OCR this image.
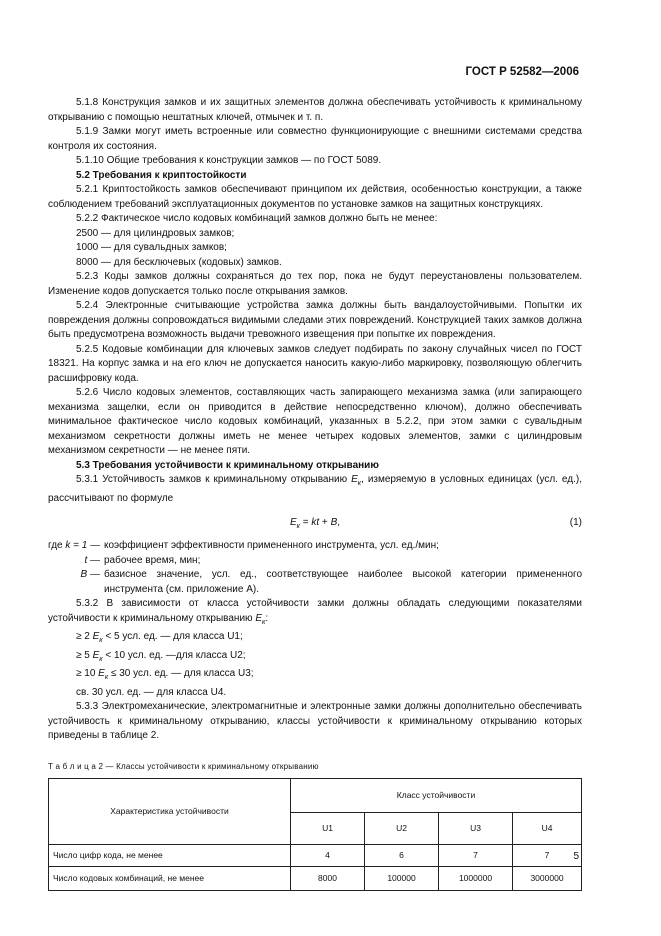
ГОСТ Р 52582—2006

5.1.8 Конструкция замков и их защитных элементов должна обеспечивать устойчивость к криминальному открыванию с помощью нештатных ключей, отмычек и т. п.

5.1.9 Замки могут иметь встроенные или совместно функционирующие с внешними системами средства контроля их состояния.

5.1.10 Общие требования к конструкции замков — по ГОСТ 5089.

5.2 Требования к криптостойкости

5.2.1 Криптостойкость замков обеспечивают принципом их действия, особенностью конструкции, а также соблюдением требований эксплуатационных документов по установке замков на защитных конструкциях.

5.2.2 Фактическое число кодовых комбинаций замков должно быть не менее:

2500 — для цилиндровых замков;

1000 — для сувальдных замков;

8000 — для бесключевых (кодовых) замков.

5.2.3 Коды замков должны сохраняться до тех пор, пока не будут переустановлены пользователем. Изменение кодов допускается только после открывания замков.

5.2.4 Электронные считывающие устройства замка должны быть вандалоустойчивыми. Попытки их повреждения должны сопровождаться видимыми следами этих повреждений. Конструкцией таких замков должна быть предусмотрена возможность выдачи тревожного извещения при попытке их повреждения.

5.2.5 Кодовые комбинации для ключевых замков следует подбирать по закону случайных чисел по ГОСТ 18321. На корпус замка и на его ключ не допускается наносить какую-либо маркировку, позволяющую облегчить расшифровку кода.

5.2.6 Число кодовых элементов, составляющих часть запирающего механизма замка (или запирающего механизма защелки, если он приводится в действие непосредственно ключом), должно обеспечивать минимальное фактическое число кодовых комбинаций, указанных в 5.2.2, при этом замки с сувальдным механизмом секретности должны иметь не менее четырех кодовых элементов, замки с цилиндровым механизмом секретности — не менее пяти.

5.3 Требования устойчивости к криминальному открыванию

5.3.1 Устойчивость замков к криминальному открыванию $E_к$, измеряемую в условных единицах (усл. ед.), рассчитывают по формуле

$E_к$ = kt + B,	(1)
где k = 1 — коэффициент эффективности примененного инструмента, усл. ед./мин;
t — рабочее время, мин;
B — базисное значение, усл. ед., соответствующее наиболее высокой категории примененного инструмента (см. приложение А).

5.3.2 В зависимости от класса устойчивости замки должны обладать следующими показателями устойчивости к криминальному открыванию $E_к$:

≥ 2 $E_к < 5$ усл. ед. — для класса U1;

≥ 5 $E_к < 10$ усл. ед. —для класса U2;

≥ 10 $E_к \le 30$ усл. ед. — для класса U3;

св. 30 усл. ед. — для класса U4.

5.3.3 Электромеханические, электромагнитные и электронные замки должны дополнительно обеспечивать устойчивость к криминальному открыванию, классы устойчивости к криминальному открыванию которых приведены в таблице 2.

Т а б л и ц а 2 — Классы устойчивости к криминальному открыванию

Характеристика устойчивости	Класс устойчивости			
	U1	U2	U3	U4
Число цифр кода, не менее	4	6	7	7
Число кодовых комбинаций, не менее	8000	100000	1000000	3000000
5
